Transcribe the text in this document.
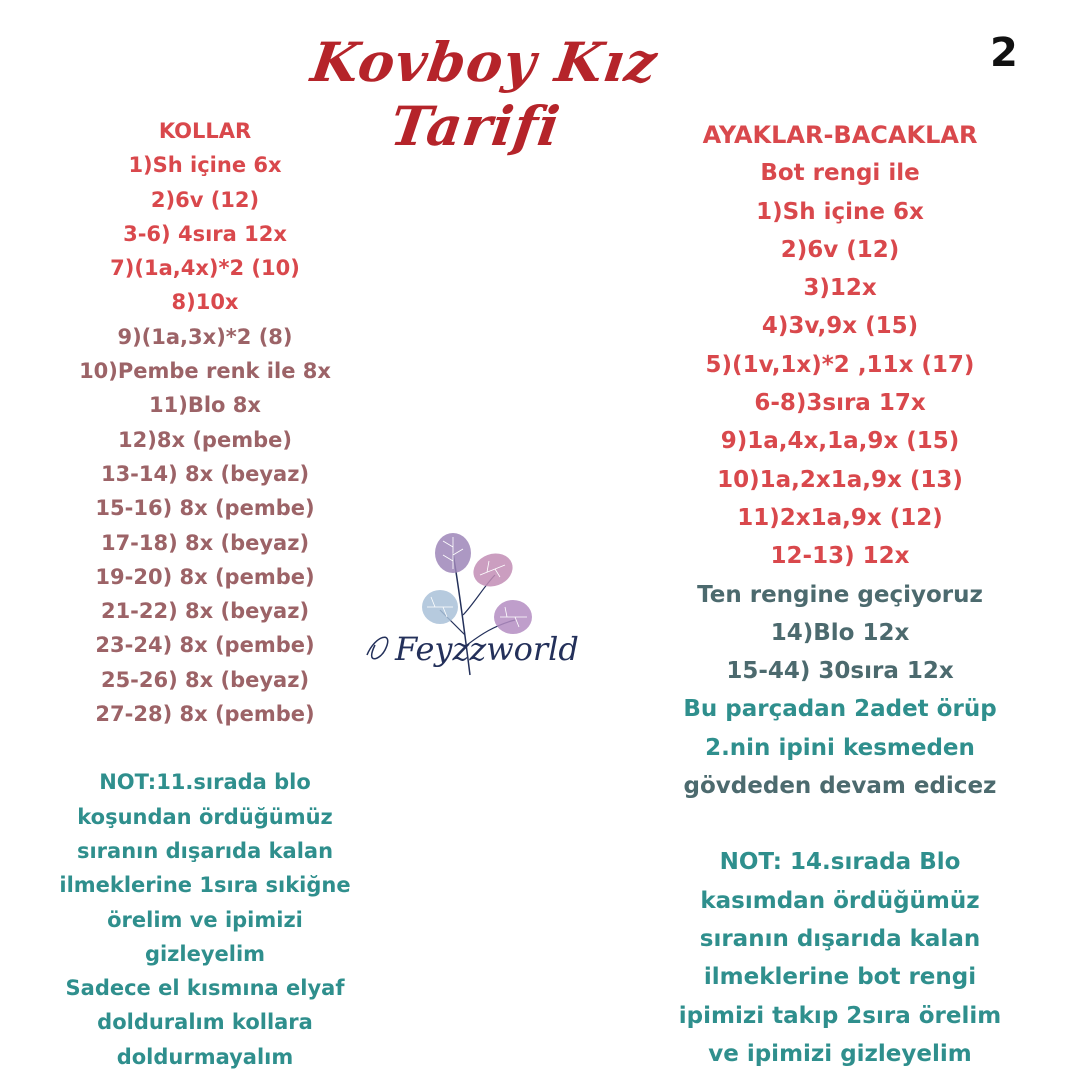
Kovboy Kız Tarifi
2
KOLLAR
1)Sh içine 6x
2)6v (12)
3-6) 4sıra 12x
7)(1a,4x)*2 (10)
8)10x
9)(1a,3x)*2 (8)
10)Pembe renk ile 8x
11)Blo 8x
12)8x (pembe)
13-14) 8x (beyaz)
15-16) 8x (pembe)
17-18) 8x (beyaz)
19-20) 8x (pembe)
21-22) 8x (beyaz)
23-24) 8x (pembe)
25-26) 8x (beyaz)
27-28) 8x (pembe)
NOT:11.sırada blo
koşundan ördüğümüz
sıranın dışarıda kalan
ilmeklerine 1sıra sıkiğne
örelim ve ipimizi
gizleyelim
Sadece el kısmına elyaf
dolduralım kollara
doldurmayalım
AYAKLAR-BACAKLAR
Bot rengi ile
1)Sh içine 6x
2)6v (12)
3)12x
4)3v,9x (15)
5)(1v,1x)*2 ,11x (17)
6-8)3sıra 17x
9)1a,4x,1a,9x (15)
10)1a,2x1a,9x (13)
11)2x1a,9x (12)
12-13) 12x
Ten rengine geçiyoruz
14)Blo 12x
15-44) 30sıra 12x
Bu parçadan 2adet örüp
2.nin ipini kesmeden
gövdeden devam edicez
NOT: 14.sırada Blo
kasımdan ördüğümüz
sıranın dışarıda kalan
ilmeklerine bot rengi
ipimizi takıp 2sıra örelim
ve ipimizi gizleyelim
Feyzzworld
